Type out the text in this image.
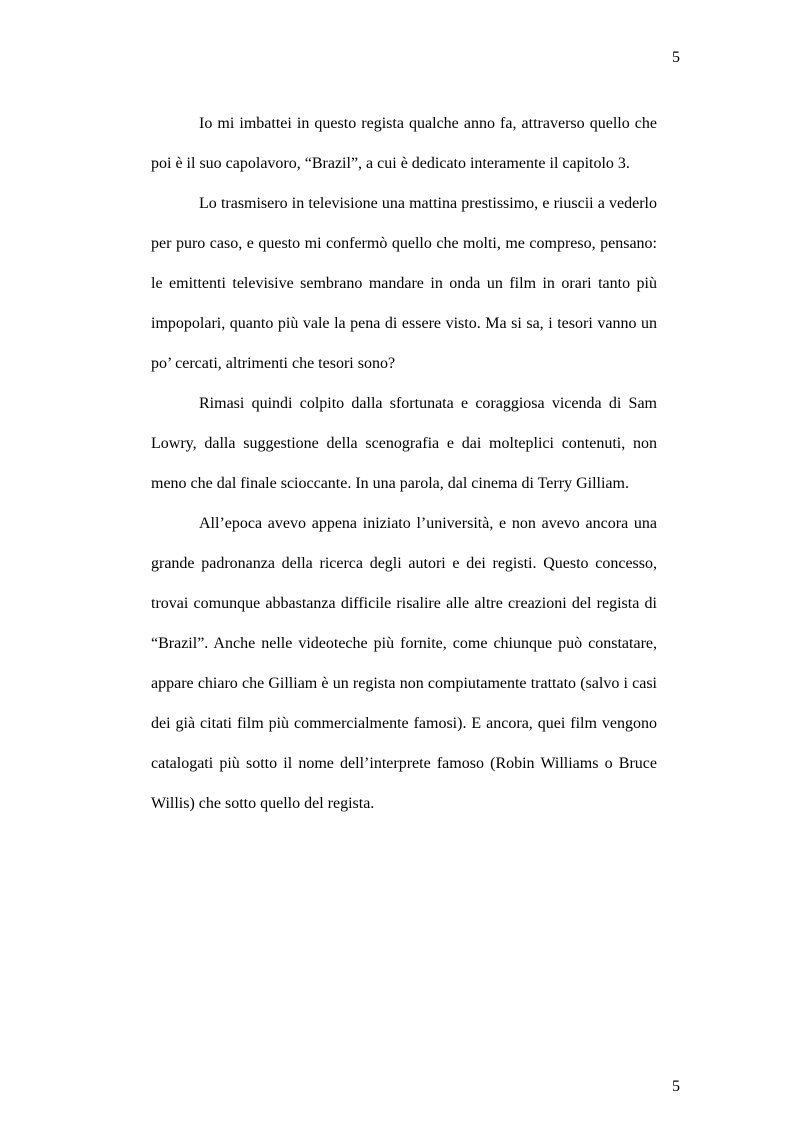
5

Io mi imbattei in questo regista qualche anno fa, attraverso quello che poi è il suo capolavoro, “Brazil”, a cui è dedicato interamente il capitolo 3.

Lo trasmisero in televisione una mattina prestissimo, e riuscii a vederlo per puro caso, e questo mi confermò quello che molti, me compreso, pensano: le emittenti televisive sembrano mandare in onda un film in orari tanto più impopolari, quanto più vale la pena di essere visto. Ma si sa, i tesori vanno un po’ cercati, altrimenti che tesori sono?

Rimasi quindi colpito dalla sfortunata e coraggiosa vicenda di Sam Lowry, dalla suggestione della scenografia e dai molteplici contenuti, non meno che dal finale scioccante. In una parola, dal cinema di Terry Gilliam.

All’epoca avevo appena iniziato l’università, e non avevo ancora una grande padronanza della ricerca degli autori e dei registi. Questo concesso, trovai comunque abbastanza difficile risalire alle altre creazioni del regista di “Brazil”. Anche nelle videoteche più fornite, come chiunque può constatare, appare chiaro che Gilliam è un regista non compiutamente trattato (salvo i casi dei già citati film più commercialmente famosi). E ancora, quei film vengono catalogati più sotto il nome dell’interprete famoso (Robin Williams o Bruce Willis) che sotto quello del regista.

5
